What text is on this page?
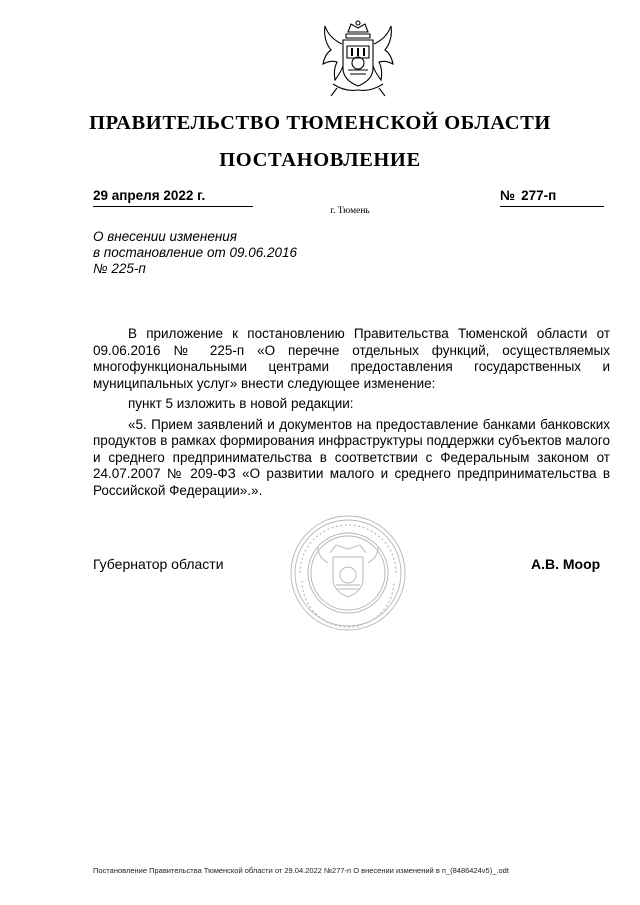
ПРАВИТЕЛЬСТВО ТЮМЕНСКОЙ ОБЛАСТИ
ПОСТАНОВЛЕНИЕ
29 апреля 2022 г.	№ 277-п
г. Тюмень
О внесении изменения
в постановление от 09.06.2016
№ 225-п

В приложение к постановлению Правительства Тюменской области от 09.06.2016 № 225-п «О перечне отдельных функций, осуществляемых многофункциональными центрами предоставления государственных и муниципальных услуг» внести следующее изменение:

пункт 5 изложить в новой редакции:

«5. Прием заявлений и документов на предоставление банками банковских продуктов в рамках формирования инфраструктуры поддержки субъектов малого и среднего предпринимательства в соответствии с Федеральным законом от 24.07.2007 № 209-ФЗ «О развитии малого и среднего предпринимательства в Российской Федерации».».

Губернатор области	А.В. Моор
Постановление Правительства Тюменской области от 29.04.2022 №277-п О внесении изменений в п_(8486424v5)_.odt
